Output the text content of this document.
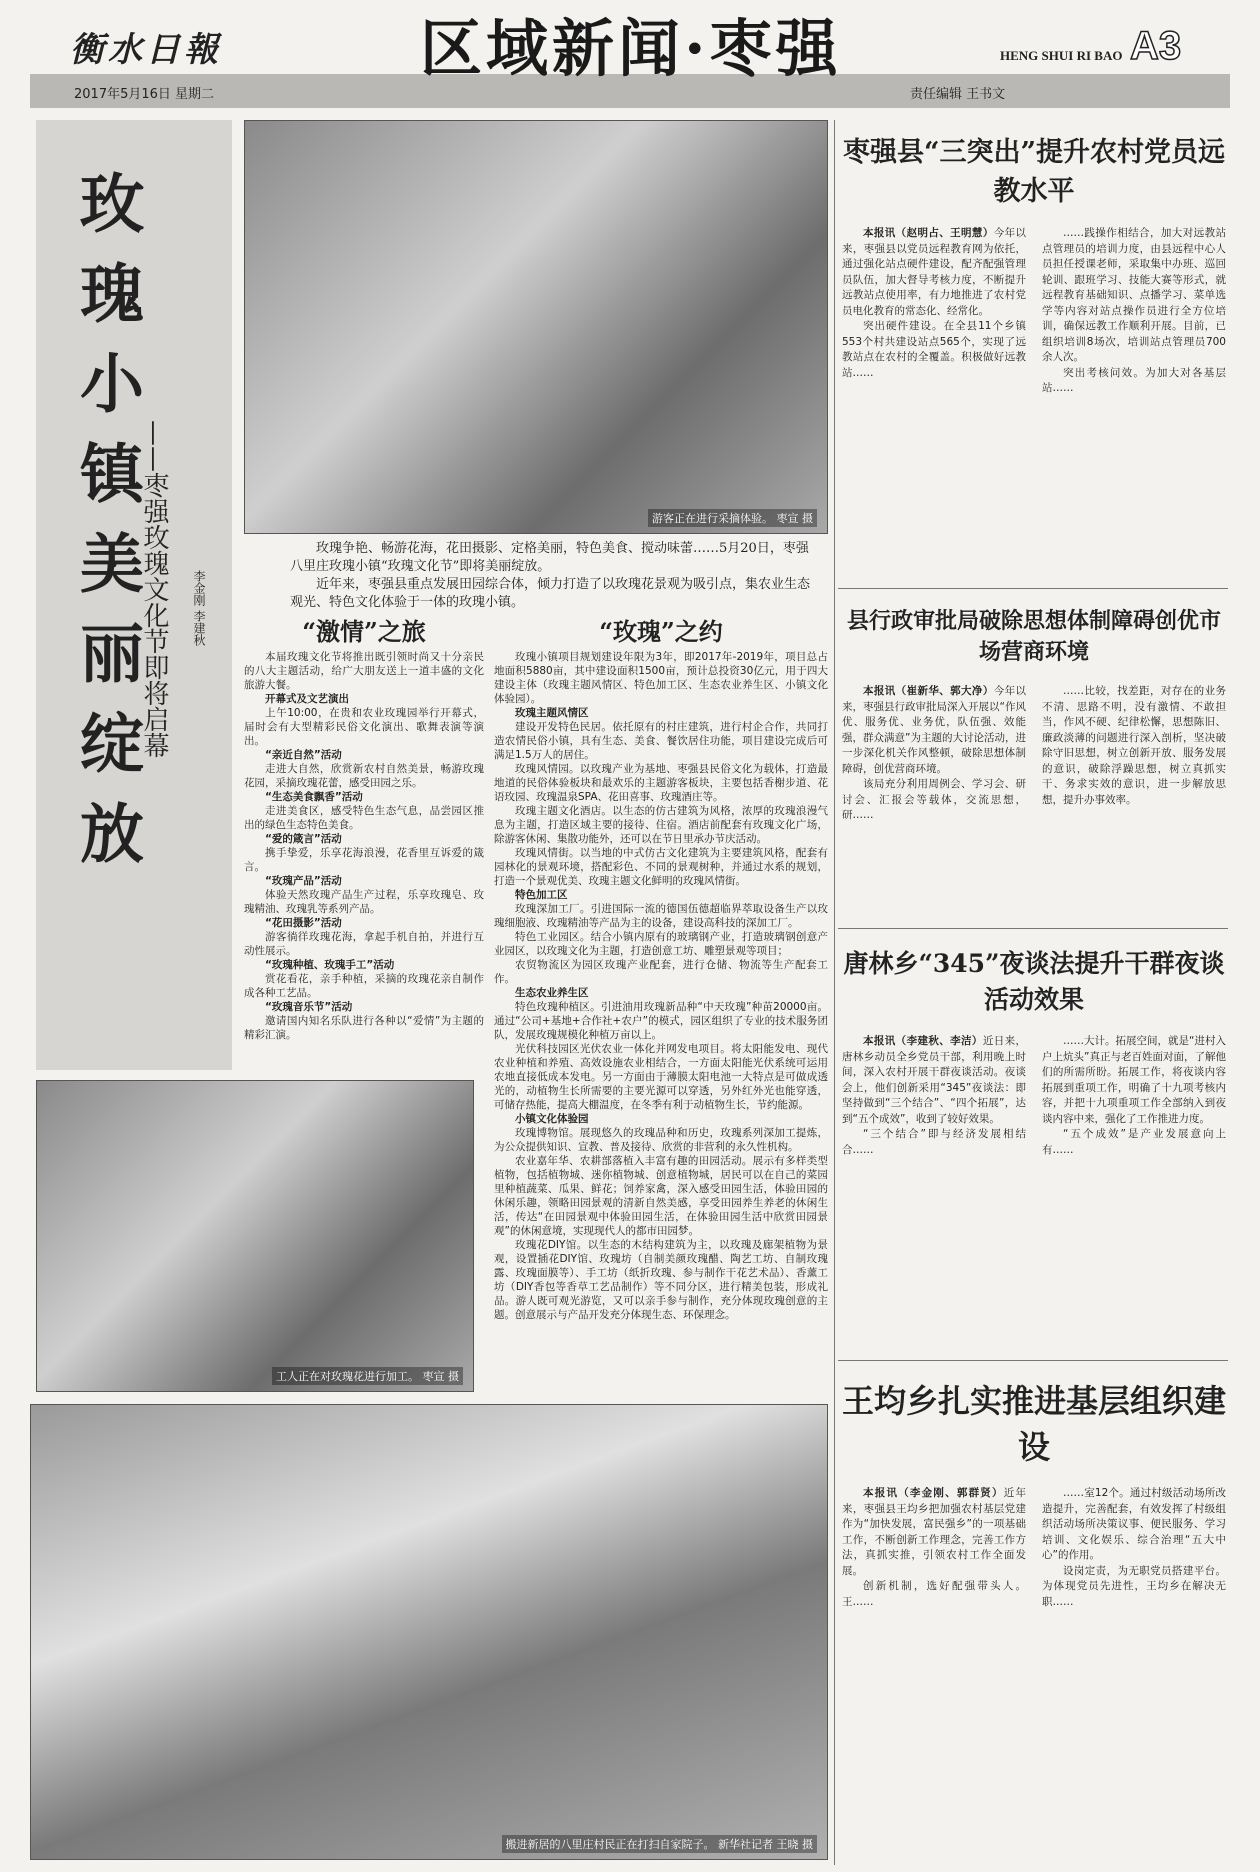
衡水日報
2017年5月16日 星期二	责任编辑 王书文
区域新闻·枣强	HENG SHUI RI BAO A3
玫瑰小镇美丽绽放
——枣强玫瑰文化节即将启幕	李金刚 李建秋
游客正在进行采摘体验。 枣宣 摄

玫瑰争艳、畅游花海，花田摄影、定格美丽，特色美食、搅动味蕾……5月20日，枣强八里庄玫瑰小镇“玫瑰文化节”即将美丽绽放。

近年来，枣强县重点发展田园综合体，倾力打造了以玫瑰花景观为吸引点，集农业生态观光、特色文化体验于一体的玫瑰小镇。

“激情”之旅	“玫瑰”之约

本届玫瑰文化节将推出既引领时尚又十分亲民的八大主题活动，给广大朋友送上一道丰盛的文化旅游大餐。

开幕式及文艺演出

上午10:00，在贵和农业玫瑰园举行开幕式，届时会有大型精彩民俗文化演出、歌舞表演等演出。

“亲近自然”活动

走进大自然，欣赏新农村自然美景，畅游玫瑰花园，采摘玫瑰花蕾，感受田园之乐。

“生态美食飘香”活动

走进美食区，感受特色生态气息，品尝园区推出的绿色生态特色美食。

“爱的箴言”活动

携手挚爱，乐享花海浪漫，花香里互诉爱的箴言。

“玫瑰产品”活动

体验天然玫瑰产品生产过程，乐享玫瑰皂、玫瑰精油、玫瑰乳等系列产品。

“花田摄影”活动

游客徜徉玫瑰花海，拿起手机自拍，并进行互动性展示。

“玫瑰种植、玫瑰手工”活动

赏花看花，亲手种植，采摘的玫瑰花亲自制作成各种工艺品。

“玫瑰音乐节”活动

邀请国内知名乐队进行各种以“爱情”为主题的精彩汇演。

玫瑰小镇项目规划建设年限为3年，即2017年-2019年，项目总占地面积5880亩，其中建设面积1500亩，预计总投资30亿元，用于四大建设主体（玫瑰主题风情区、特色加工区、生态农业养生区、小镇文化体验园）。

玫瑰主题风情区

建设开发特色民居。依托原有的村庄建筑，进行村企合作，共同打造农情民俗小镇，具有生态、美食、餐饮居住功能，项目建设完成后可满足1.5万人的居住。

玫瑰风情园。以玫瑰产业为基地、枣强县民俗文化为载体，打造最地道的民俗体验板块和最欢乐的主题游客板块，主要包括香榭步道、花语玫园、玫瑰温泉SPA、花田喜事、玫瑰酒庄等。

玫瑰主题文化酒店。以生态的仿古建筑为风格，浓厚的玫瑰浪漫气息为主题，打造区域主要的接待、住宿。酒店前配套有玫瑰文化广场，除游客休闲、集散功能外，还可以在节日里承办节庆活动。

玫瑰风情街。以当地的中式仿古文化建筑为主要建筑风格，配套有园林化的景观环境，搭配彩色、不同的景观树种，并通过水系的规划，打造一个景观优美、玫瑰主题文化鲜明的玫瑰风情街。

特色加工区

玫瑰深加工厂。引进国际一流的德国伍德超临界萃取设备生产以玫瑰细胞液、玫瑰精油等产品为主的设备，建设高科技的深加工厂。

特色工业园区。结合小镇内原有的玻璃钢产业，打造玻璃钢创意产业园区，以玫瑰文化为主题，打造创意工坊、雕塑景观等项目；

农贸物流区为园区玫瑰产业配套，进行仓储、物流等生产配套工作。

生态农业养生区

特色玫瑰种植区。引进油用玫瑰新品种“中天玫瑰”种苗20000亩。通过“公司+基地+合作社+农户”的模式，园区组织了专业的技术服务团队，发展玫瑰规模化种植万亩以上。

光伏科技园区光伏农业一体化并网发电项目。将太阳能发电、现代农业种植和养殖、高效设施农业相结合，一方面太阳能光伏系统可运用农地直接低成本发电。另一方面由于薄膜太阳电池一大特点是可做成透光的，动植物生长所需要的主要光源可以穿透，另外红外光也能穿透，可储存热能，提高大棚温度，在冬季有利于动植物生长，节约能源。

小镇文化体验园

玫瑰博物馆。展现悠久的玫瑰品种和历史，玫瑰系列深加工提炼，为公众提供知识、宣教、普及接待、欣赏的非营利的永久性机构。

农业嘉年华、农耕部落植入丰富有趣的田园活动。展示有多样类型植物，包括植物城、迷你植物城、创意植物城，居民可以在自己的菜园里种植蔬菜、瓜果、鲜花；饲养家禽，深入感受田园生活，体验田园的休闲乐趣，领略田园景观的清新自然美感，享受田园养生养老的休闲生活，传达“在田园景观中体验田园生活，在体验田园生活中欣赏田园景观”的休闲意境，实现现代人的都市田园梦。

玫瑰花DIY馆。以生态的木结构建筑为主，以玫瑰及廊架植物为景观，设置插花DIY馆、玫瑰坊（自制美颜玫瑰醋、陶艺工坊、自制玫瑰露、玫瑰面膜等）、手工坊（纸折玫瑰、参与制作干花艺术品）、香薰工坊（DIY香包等香草工艺品制作）等不同分区，进行精美包装，形成礼品。游人既可观光游览，又可以亲手参与制作，充分体现玫瑰创意的主题。创意展示与产品开发充分体现生态、环保理念。

工人正在对玫瑰花进行加工。 枣宣 摄
搬进新居的八里庄村民正在打扫自家院子。 新华社记者 王晓 摄
枣强县“三突出”提升农村党员远教水平

本报讯（赵明占、王明慧）今年以来，枣强县以党员远程教育网为依托，通过强化站点硬件建设，配齐配强管理员队伍，加大督导考核力度，不断提升远教站点使用率，有力地推进了农村党员电化教育的常态化、经常化。

突出硬件建设。在全县11个乡镇553个村共建设站点565个，实现了远教站点在农村的全覆盖。积极做好远教站……

……践操作相结合，加大对远教站点管理员的培训力度，由县远程中心人员担任授课老师，采取集中办班、巡回轮训、跟班学习、技能大赛等形式，就远程教育基础知识、点播学习、菜单选学等内容对站点操作员进行全方位培训，确保远教工作顺利开展。目前，已组织培训8场次，培训站点管理员700余人次。

突出考核问效。为加大对各基层站……

县行政审批局破除思想体制障碍创优市场营商环境

本报讯（崔新华、郭大净）今年以来，枣强县行政审批局深入开展以“作风优、服务优、业务优，队伍强、效能强，群众满意”为主题的大讨论活动，进一步深化机关作风整顿，破除思想体制障碍，创优营商环境。

该局充分利用周例会、学习会、研讨会、汇报会等载体，交流思想，研……

……比较，找差距，对存在的业务不清、思路不明，没有激情、不敢担当，作风不硬、纪律松懈，思想陈旧、廉政淡薄的问题进行深入剖析，坚决破除守旧思想，树立创新开放、服务发展的意识，破除浮躁思想，树立真抓实干、务求实效的意识，进一步解放思想，提升办事效率。

唐林乡“345”夜谈法提升干群夜谈活动效果

本报讯（李建秋、李洁）近日来，唐林乡动员全乡党员干部，利用晚上时间，深入农村开展干群夜谈活动。夜谈会上，他们创新采用“345”夜谈法：即坚持做到“三个结合”、“四个拓展”，达到“五个成效”，收到了较好效果。

“三个结合”即与经济发展相结合……

……大计。拓展空间，就是“进村入户上炕头”真正与老百姓面对面，了解他们的所需所盼。拓展工作，将夜谈内容拓展到重项工作，明确了十九项考核内容，并把十九项重项工作全部纳入到夜谈内容中来，强化了工作推进力度。

“五个成效”是产业发展意向上有……

王均乡扎实推进基层组织建设

本报讯（李金刚、郭群贤）近年来，枣强县王均乡把加强农村基层党建作为“加快发展，富民强乡”的一项基础工作，不断创新工作理念，完善工作方法，真抓实推，引领农村工作全面发展。

创新机制，选好配强带头人。王……

……室12个。通过村级活动场所改造提升，完善配套，有效发挥了村级组织活动场所决策议事、便民服务、学习培训、文化娱乐、综合治理“五大中心”的作用。

设岗定责，为无职党员搭建平台。为体现党员先进性，王均乡在解决无职……
